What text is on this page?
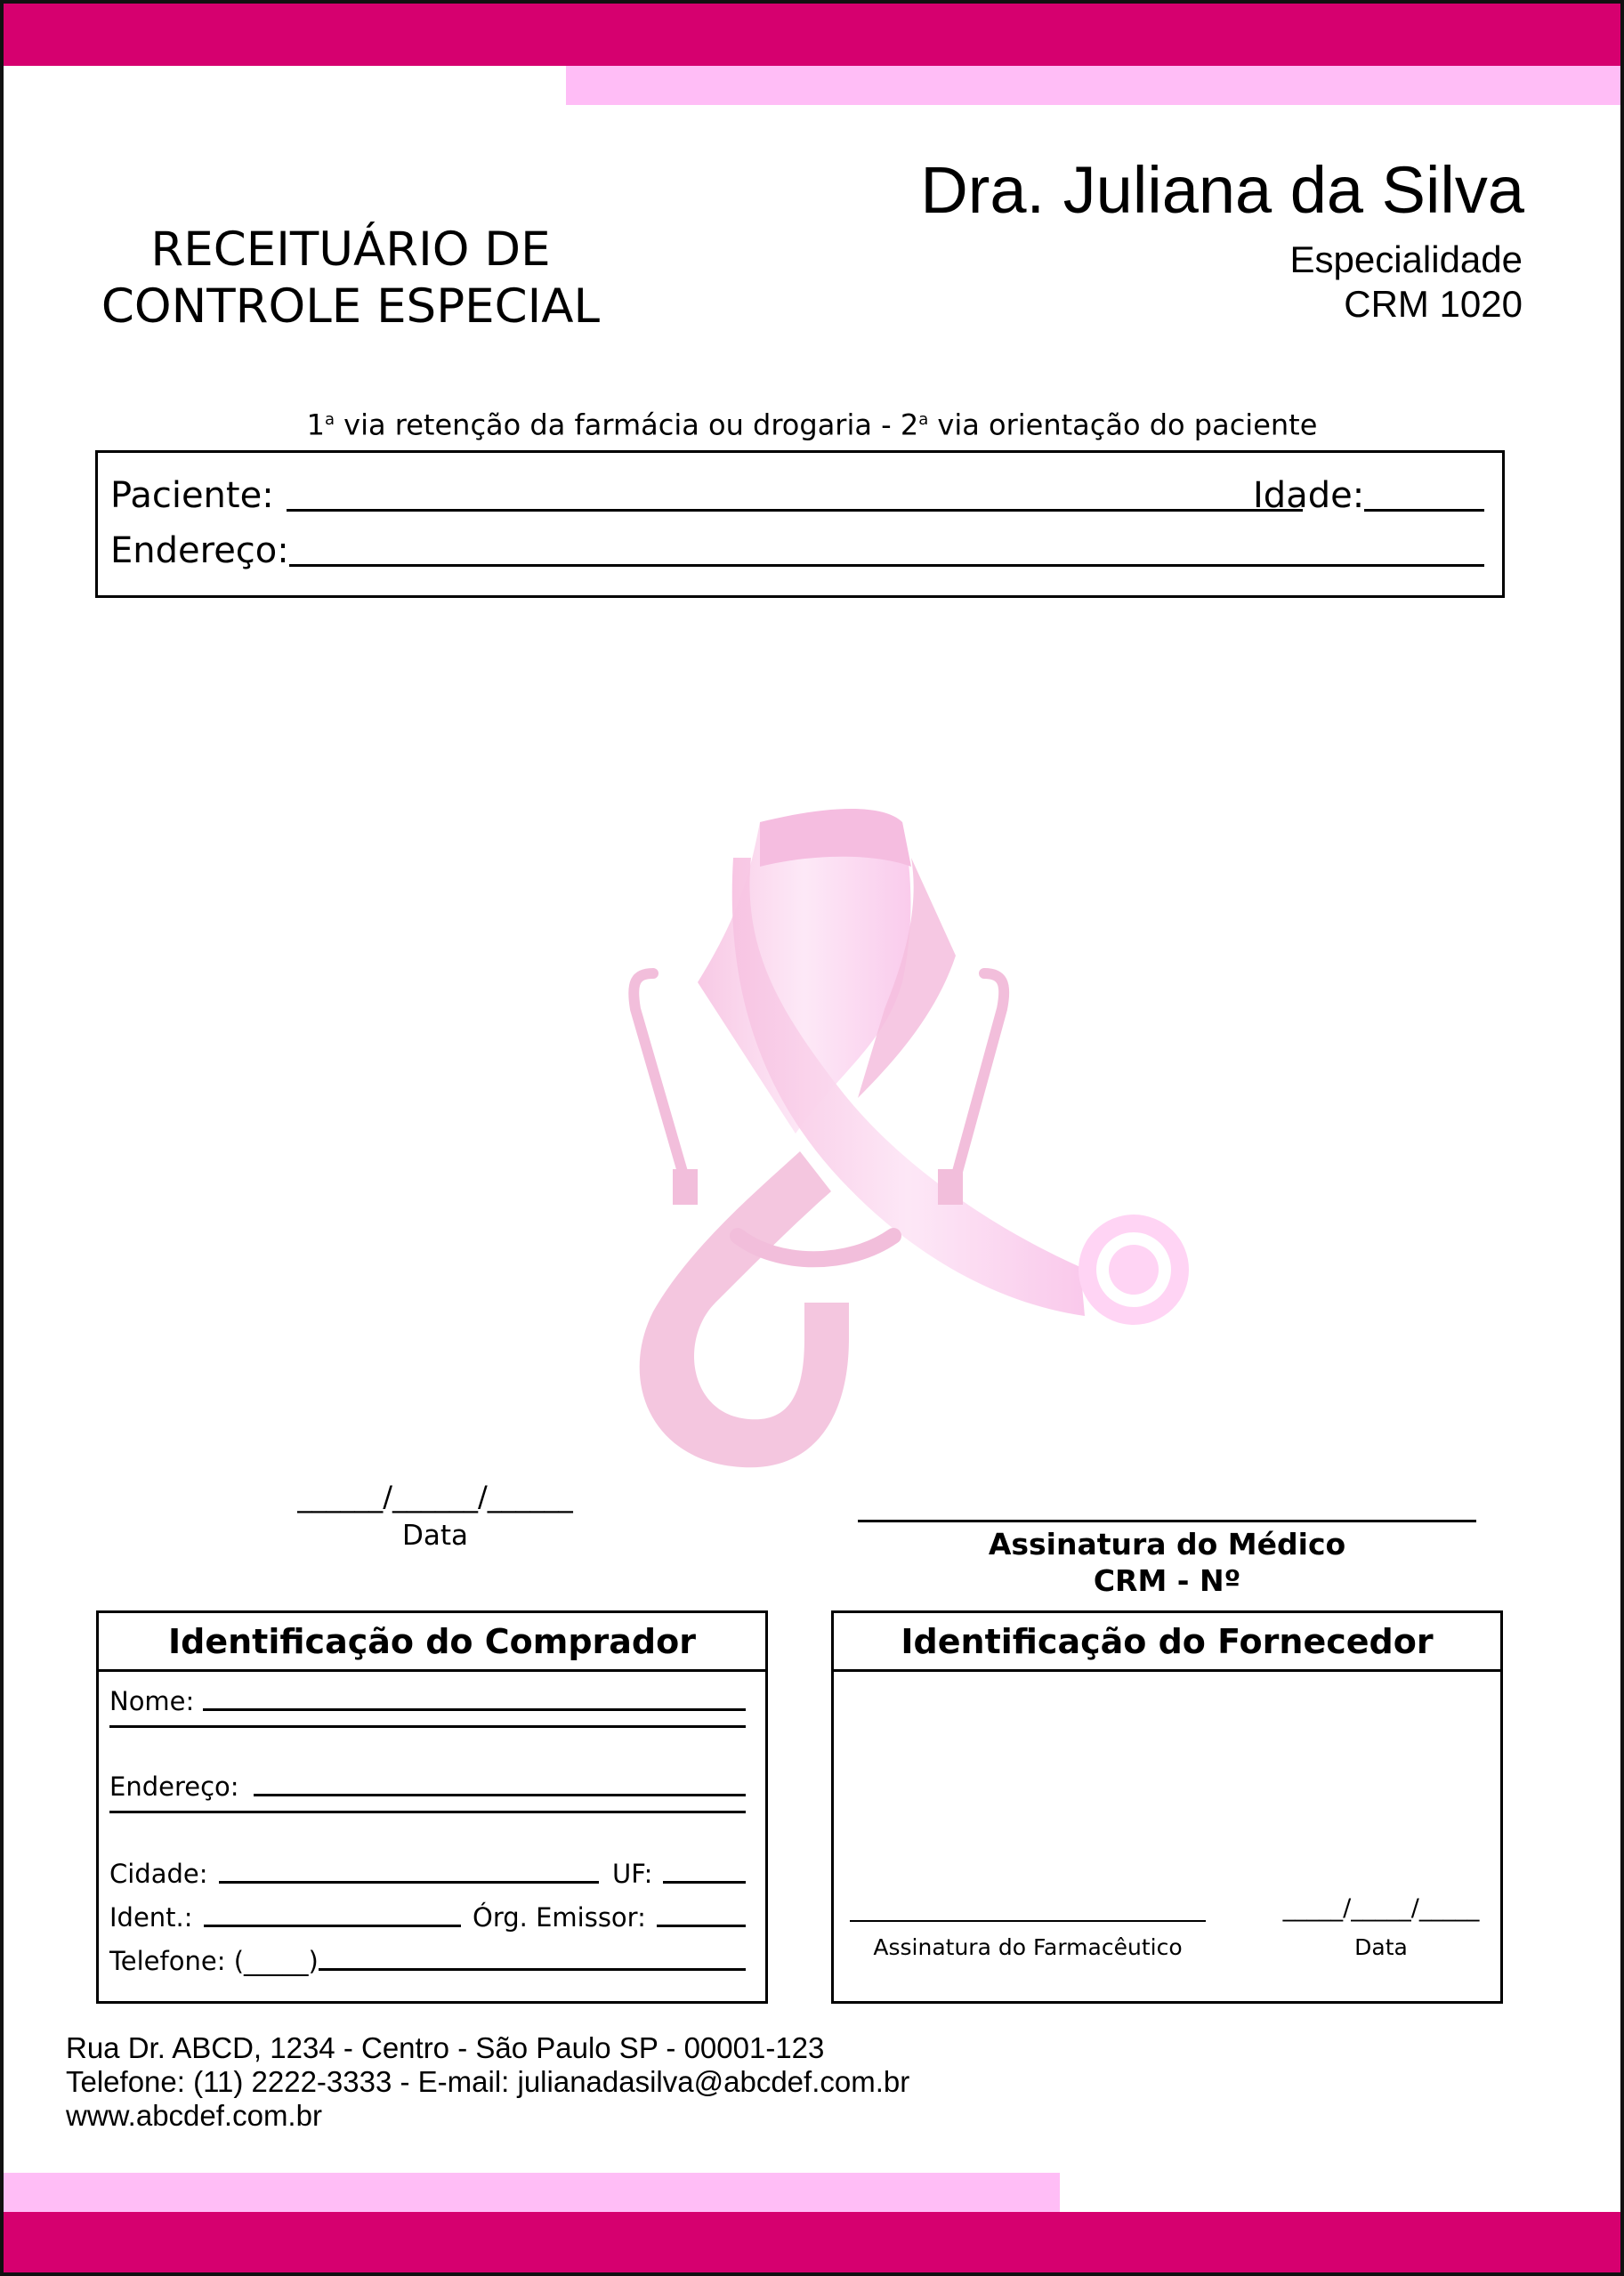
RECEITUÁRIO DE
CONTROLE ESPECIAL
Dra. Juliana da Silva
Especialidade
CRM 1020
1$^a$ via retenção da farmácia ou drogaria - 2$^a$ via orientação do paciente
Paciente:	Idade:
Endereço:
______/______/______
Data	Assinatura do Médico
CRM - Nº
Identificação do Comprador
Nome:
Endereço:
Cidade:	UF:
Ident.:	Órg. Emissor:
Telefone: (_____)
Identificação do Fornecedor
Assinatura do Farmacêutico
_____/_____/_____
Data
Rua Dr. ABCD, 1234 - Centro - São Paulo SP - 00001-123
Telefone: (11) 2222-3333 - E-mail: julianadasilva@abcdef.com.br
www.abcdef.com.br
